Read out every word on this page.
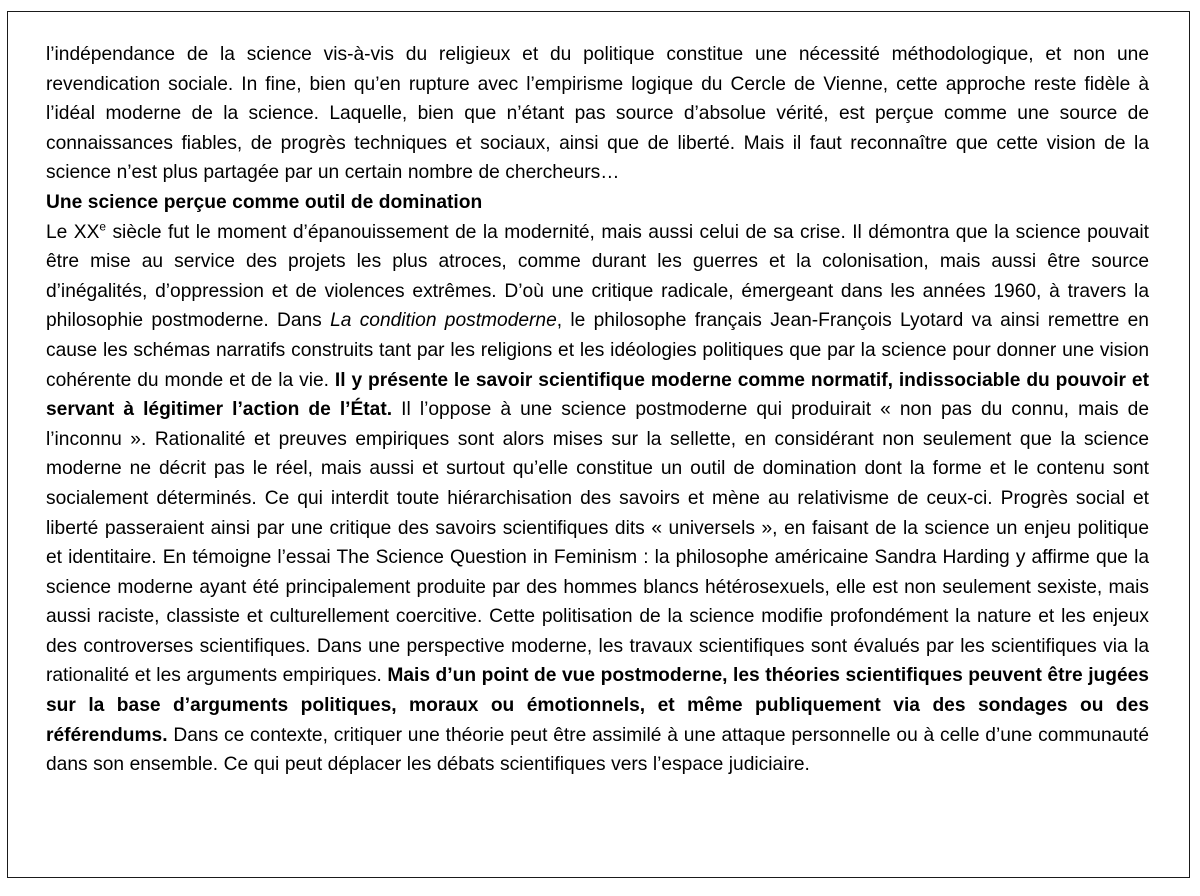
l’indépendance de la science vis-à-vis du religieux et du politique constitue une nécessité méthodologique, et non une revendication sociale. In fine, bien qu’en rupture avec l’empirisme logique du Cercle de Vienne, cette approche reste fidèle à l’idéal moderne de la science. Laquelle, bien que n’étant pas source d’absolue vérité, est perçue comme une source de connaissances fiables, de progrès techniques et sociaux, ainsi que de liberté. Mais il faut reconnaître que cette vision de la science n’est plus partagée par un certain nombre de chercheurs…

Une science perçue comme outil de domination

Le XXe siècle fut le moment d’épanouissement de la modernité, mais aussi celui de sa crise. Il démontra que la science pouvait être mise au service des projets les plus atroces, comme durant les guerres et la colonisation, mais aussi être source d’inégalités, d’oppression et de violences extrêmes. D’où une critique radicale, émergeant dans les années 1960, à travers la philosophie postmoderne. Dans La condition postmoderne, le philosophe français Jean-François Lyotard va ainsi remettre en cause les schémas narratifs construits tant par les religions et les idéologies politiques que par la science pour donner une vision cohérente du monde et de la vie. Il y présente le savoir scientifique moderne comme normatif, indissociable du pouvoir et servant à légitimer l’action de l’État. Il l’oppose à une science postmoderne qui produirait « non pas du connu, mais de l’inconnu ». Rationalité et preuves empiriques sont alors mises sur la sellette, en considérant non seulement que la science moderne ne décrit pas le réel, mais aussi et surtout qu’elle constitue un outil de domination dont la forme et le contenu sont socialement déterminés. Ce qui interdit toute hiérarchisation des savoirs et mène au relativisme de ceux-ci. Progrès social et liberté passeraient ainsi par une critique des savoirs scientifiques dits « universels », en faisant de la science un enjeu politique et identitaire. En témoigne l’essai The Science Question in Feminism : la philosophe américaine Sandra Harding y affirme que la science moderne ayant été principalement produite par des hommes blancs hétérosexuels, elle est non seulement sexiste, mais aussi raciste, classiste et culturellement coercitive. Cette politisation de la science modifie profondément la nature et les enjeux des controverses scientifiques. Dans une perspective moderne, les travaux scientifiques sont évalués par les scientifiques via la rationalité et les arguments empiriques. Mais d’un point de vue postmoderne, les théories scientifiques peuvent être jugées sur la base d’arguments politiques, moraux ou émotionnels, et même publiquement via des sondages ou des référendums. Dans ce contexte, critiquer une théorie peut être assimilé à une attaque personnelle ou à celle d’une communauté dans son ensemble. Ce qui peut déplacer les débats scientifiques vers l’espace judiciaire.
